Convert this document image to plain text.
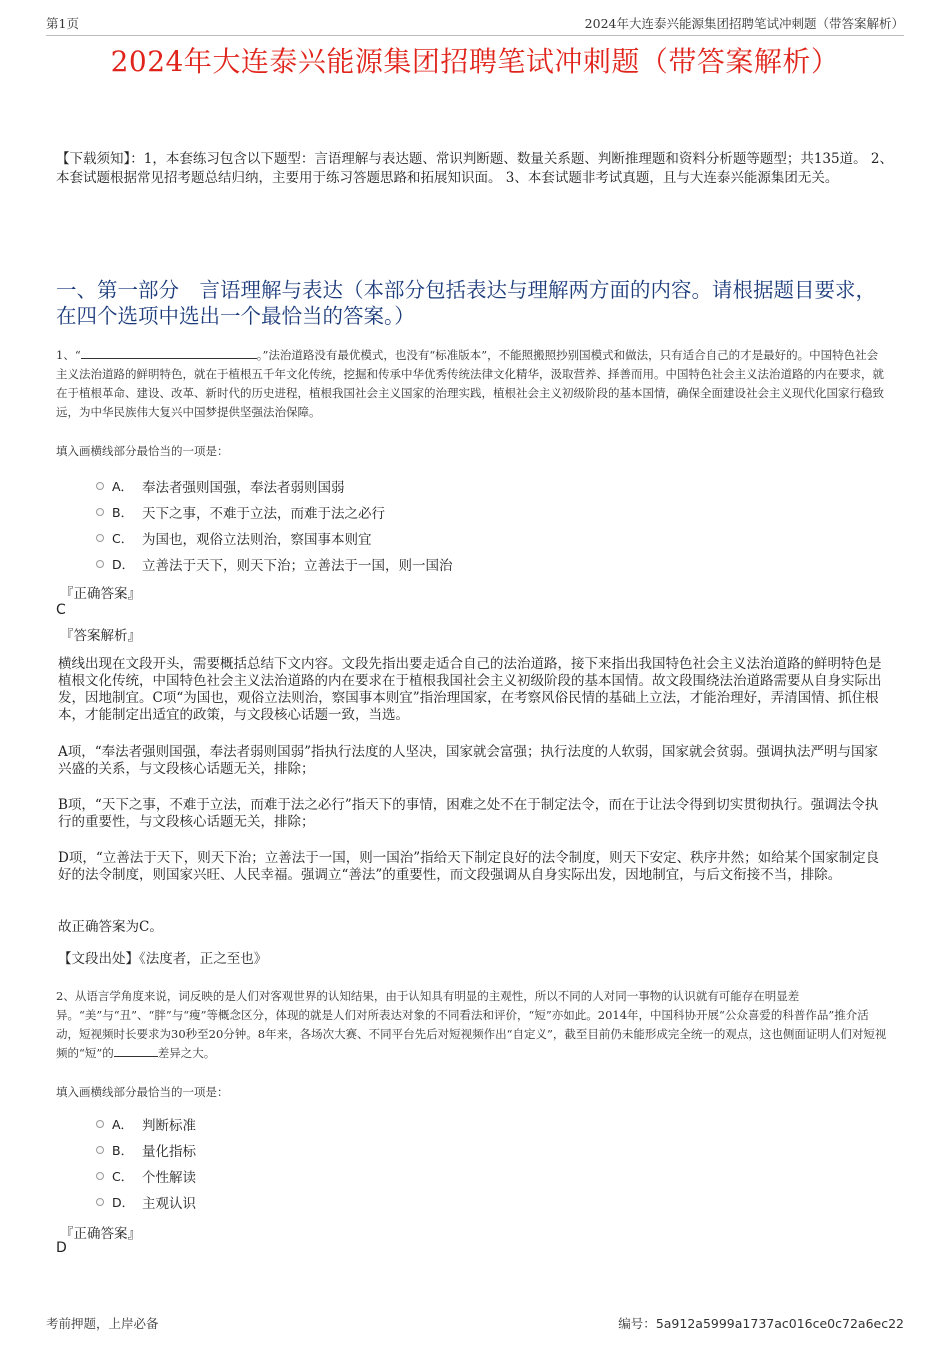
第1页	2024年大连泰兴能源集团招聘笔试冲刺题（带答案解析）
2024年大连泰兴能源集团招聘笔试冲刺题（带答案解析）
【下载须知】：1，本套练习包含以下题型：言语理解与表达题、常识判断题、数量关系题、判断推理题和资料分析题等题型；共135道。 2、本套试题根据常见招考题总结归纳，主要用于练习答题思路和拓展知识面。 3、本套试题非考试真题，且与大连泰兴能源集团无关。
一、第一部分　言语理解与表达（本部分包括表达与理解两方面的内容。请根据题目要求，在四个选项中选出一个最恰当的答案。）
1、“	。”法治道路没有最优模式，也没有“标准版本”，不能照搬照抄别国模式和做法，只有适合自己的才是最好的。中国特色社会主义法治道路的鲜明特色，就在于植根五千年文化传统，挖掘和传承中华优秀传统法律文化精华，汲取营养、择善而用。中国特色社会主义法治道路的内在要求，就在于植根革命、建设、改革、新时代的历史进程，植根我国社会主义国家的治理实践，植根社会主义初级阶段的基本国情，确保全面建设社会主义现代化国家行稳致远，为中华民族伟大复兴中国梦提供坚强法治保障。
填入画横线部分最恰当的一项是：
A． 奉法者强则国强，奉法者弱则国弱
B． 天下之事，不难于立法，而难于法之必行
C． 为国也，观俗立法则治，察国事本则宜
D． 立善法于天下，则天下治；立善法于一国，则一国治
『正确答案』
C
『答案解析』
横线出现在文段开头，需要概括总结下文内容。文段先指出要走适合自己的法治道路，接下来指出我国特色社会主义法治道路的鲜明特色是植根文化传统，中国特色社会主义法治道路的内在要求在于植根我国社会主义初级阶段的基本国情。故文段围绕法治道路需要从自身实际出发，因地制宜。C项“为国也，观俗立法则治，察国事本则宜”指治理国家，在考察风俗民情的基础上立法，才能治理好，弄清国情、抓住根本，才能制定出适宜的政策，与文段核心话题一致，当选。
A项，“奉法者强则国强，奉法者弱则国弱”指执行法度的人坚决，国家就会富强；执行法度的人软弱，国家就会贫弱。强调执法严明与国家兴盛的关系，与文段核心话题无关，排除；
B项，“天下之事，不难于立法，而难于法之必行”指天下的事情，困难之处不在于制定法令，而在于让法令得到切实贯彻执行。强调法令执行的重要性，与文段核心话题无关，排除；
D项，“立善法于天下，则天下治；立善法于一国，则一国治”指给天下制定良好的法令制度，则天下安定、秩序井然；如给某个国家制定良好的法令制度，则国家兴旺、人民幸福。强调立“善法”的重要性，而文段强调从自身实际出发，因地制宜，与后文衔接不当，排除。
故正确答案为C。
【文段出处】《法度者，正之至也》
2、从语言学角度来说，词反映的是人们对客观世界的认知结果，由于认知具有明显的主观性，所以不同的人对同一事物的认识就有可能存在明显差异。“美”与“丑”、“胖”与“瘦”等概念区分，体现的就是人们对所表达对象的不同看法和评价，“短”亦如此。2014年，中国科协开展“公众喜爱的科普作品”推介活动，短视频时长要求为30秒至20分钟。8年来，各场次大赛、不同平台先后对短视频作出“自定义”，截至目前仍未能形成完全统一的观点，这也侧面证明人们对短视频的“短”的	差异之大。
填入画横线部分最恰当的一项是：
A． 判断标准
B． 量化指标
C． 个性解读
D． 主观认识
『正确答案』
D
考前押题，上岸必备	编号：5a912a5999a1737ac016ce0c72a6ec22
